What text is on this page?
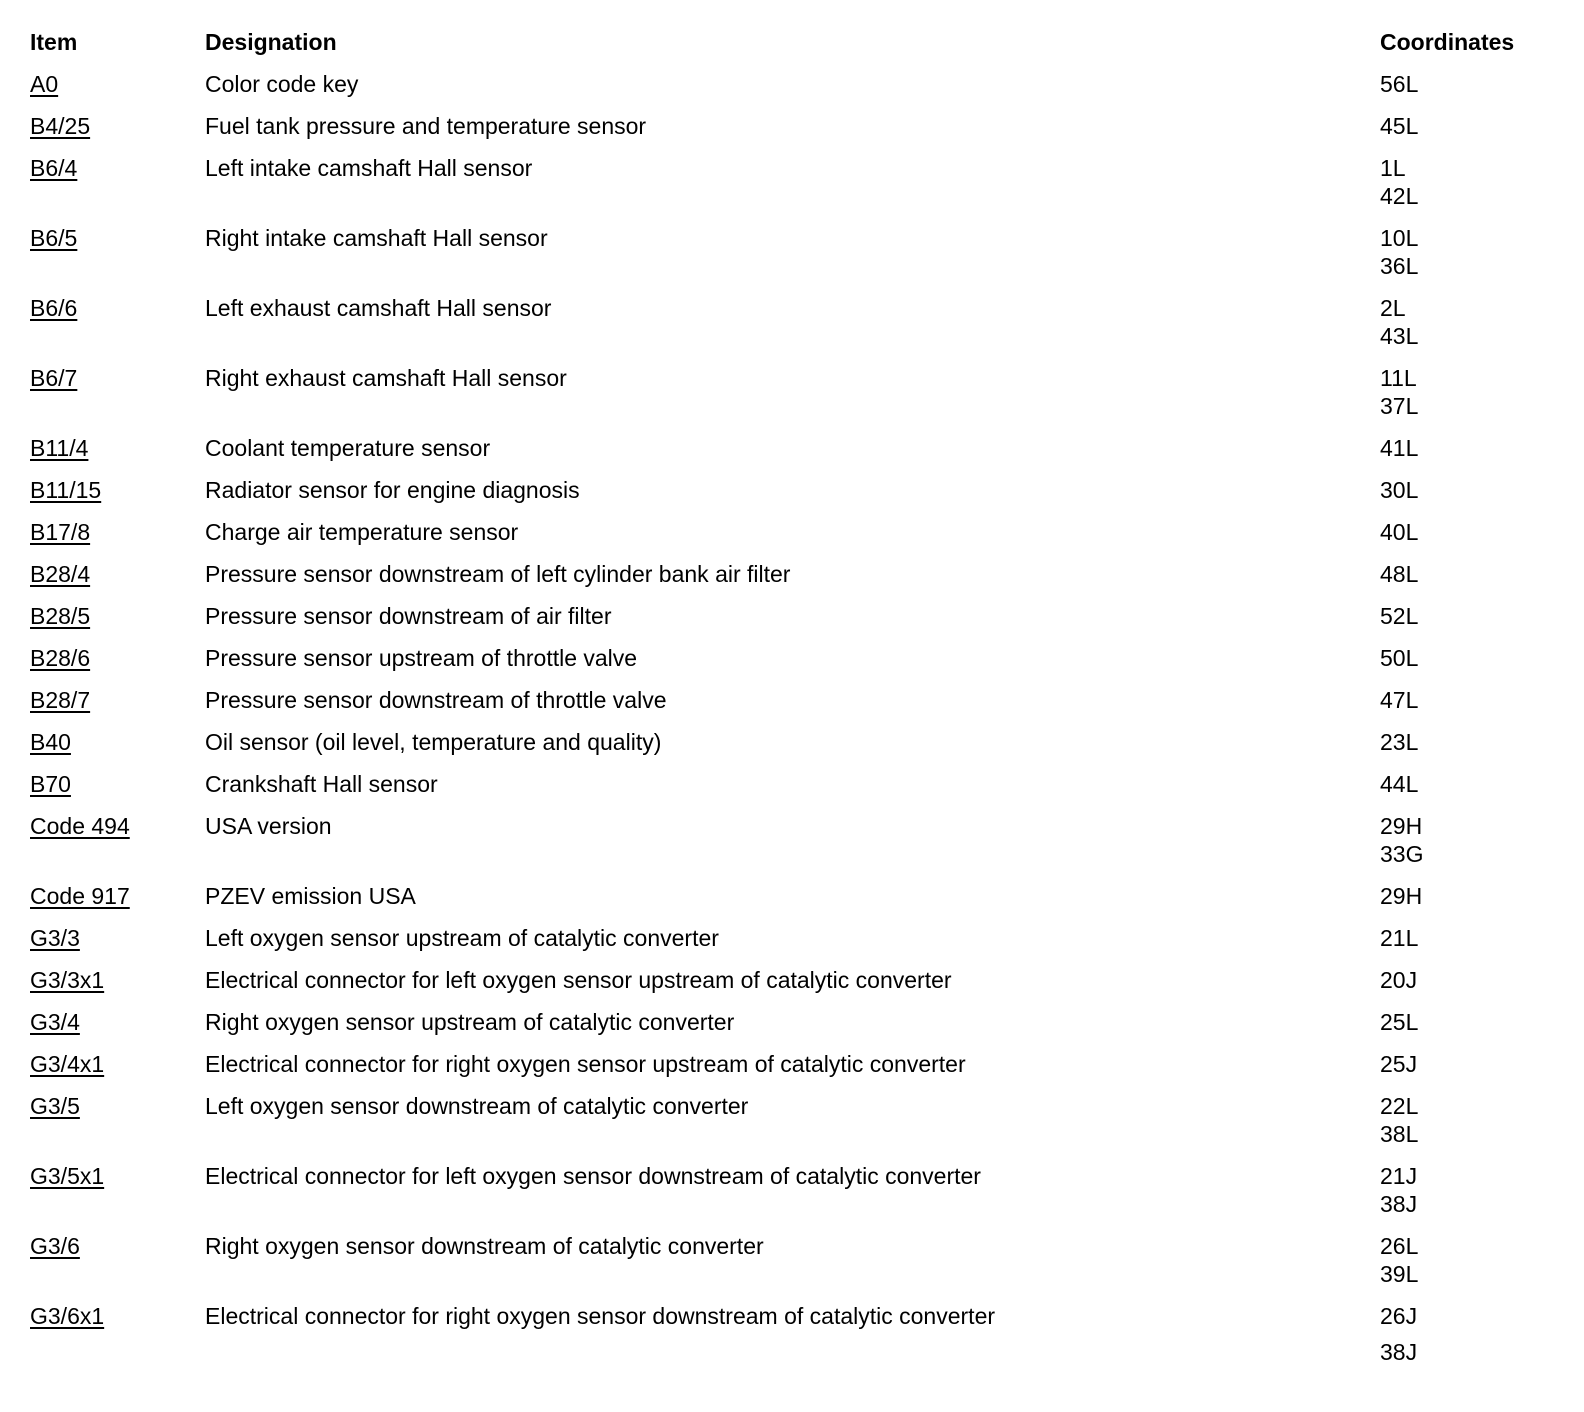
Item	Designation	Coordinates
A0	Color code key	56L
B4/25	Fuel tank pressure and temperature sensor	45L
B6/4	Left intake camshaft Hall sensor	1L
42L
B6/5	Right intake camshaft Hall sensor	10L
36L
B6/6	Left exhaust camshaft Hall sensor	2L
43L
B6/7	Right exhaust camshaft Hall sensor	11L
37L
B11/4	Coolant temperature sensor	41L
B11/15	Radiator sensor for engine diagnosis	30L
B17/8	Charge air temperature sensor	40L
B28/4	Pressure sensor downstream of left cylinder bank air filter	48L
B28/5	Pressure sensor downstream of air filter	52L
B28/6	Pressure sensor upstream of throttle valve	50L
B28/7	Pressure sensor downstream of throttle valve	47L
B40	Oil sensor (oil level, temperature and quality)	23L
B70	Crankshaft Hall sensor	44L
Code 494	USA version	29H
33G
Code 917	PZEV emission USA	29H
G3/3	Left oxygen sensor upstream of catalytic converter	21L
G3/3x1	Electrical connector for left oxygen sensor upstream of catalytic converter	20J
G3/4	Right oxygen sensor upstream of catalytic converter	25L
G3/4x1	Electrical connector for right oxygen sensor upstream of catalytic converter	25J
G3/5	Left oxygen sensor downstream of catalytic converter	22L
38L
G3/5x1	Electrical connector for left oxygen sensor downstream of catalytic converter	21J
38J
G3/6	Right oxygen sensor downstream of catalytic converter	26L
39L
G3/6x1	Electrical connector for right oxygen sensor downstream of catalytic converter	26J
38J
